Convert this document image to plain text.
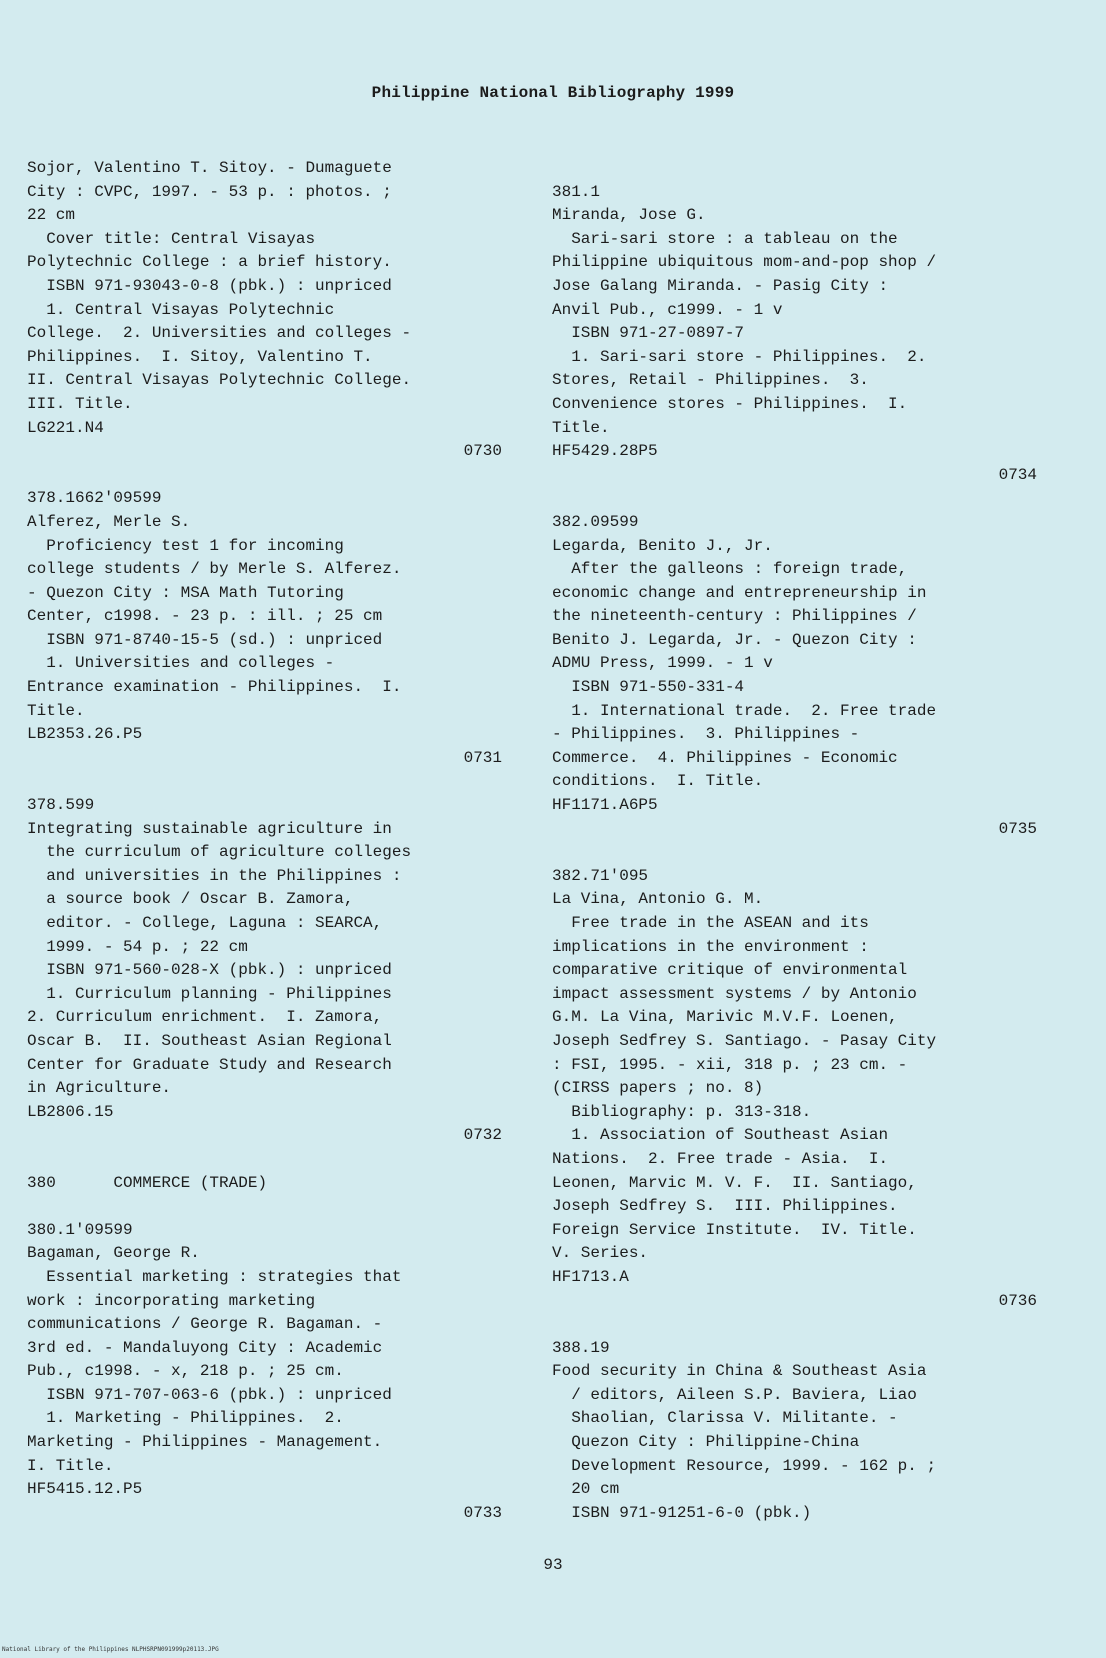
Philippine National Bibliography 1999
Sojor, Valentino T. Sitoy. - Dumaguete
City : CVPC, 1997. - 53 p. : photos. ;
22 cm
Cover title: Central Visayas
Polytechnic College : a brief history.
ISBN 971-93043-0-8 (pbk.) : unpriced
1. Central Visayas Polytechnic
College.  2. Universities and colleges -
Philippines.  I. Sitoy, Valentino T.
II. Central Visayas Polytechnic College.
III. Title.
LG221.N4
0730
378.1662'09599
Alferez, Merle S.
Proficiency test 1 for incoming
college students / by Merle S. Alferez.
- Quezon City : MSA Math Tutoring
Center, c1998. - 23 p. : ill. ; 25 cm
ISBN 971-8740-15-5 (sd.) : unpriced
1. Universities and colleges -
Entrance examination - Philippines.  I.
Title.
LB2353.26.P5
0731
378.599
Integrating sustainable agriculture in
the curriculum of agriculture colleges
and universities in the Philippines :
a source book / Oscar B. Zamora,
editor. - College, Laguna : SEARCA,
1999. - 54 p. ; 22 cm
ISBN 971-560-028-X (pbk.) : unpriced
1. Curriculum planning - Philippines
2. Curriculum enrichment.  I. Zamora,
Oscar B.  II. Southeast Asian Regional
Center for Graduate Study and Research
in Agriculture.
LB2806.15
0732
380      COMMERCE (TRADE)
380.1'09599
Bagaman, George R.
Essential marketing : strategies that
work : incorporating marketing
communications / George R. Bagaman. -
3rd ed. - Mandaluyong City : Academic
Pub., c1998. - x, 218 p. ; 25 cm.
ISBN 971-707-063-6 (pbk.) : unpriced
1. Marketing - Philippines.  2.
Marketing - Philippines - Management.
I. Title.
HF5415.12.P5
0733
381.1
Miranda, Jose G.
Sari-sari store : a tableau on the
Philippine ubiquitous mom-and-pop shop /
Jose Galang Miranda. - Pasig City :
Anvil Pub., c1999. - 1 v
ISBN 971-27-0897-7
1. Sari-sari store - Philippines.  2.
Stores, Retail - Philippines.  3.
Convenience stores - Philippines.  I.
Title.
HF5429.28P5
0734
382.09599
Legarda, Benito J., Jr.
After the galleons : foreign trade,
economic change and entrepreneurship in
the nineteenth-century : Philippines /
Benito J. Legarda, Jr. - Quezon City :
ADMU Press, 1999. - 1 v
ISBN 971-550-331-4
1. International trade.  2. Free trade
- Philippines.  3. Philippines -
Commerce.  4. Philippines - Economic
conditions.  I. Title.
HF1171.A6P5
0735
382.71'095
La Vina, Antonio G. M.
Free trade in the ASEAN and its
implications in the environment :
comparative critique of environmental
impact assessment systems / by Antonio
G.M. La Vina, Marivic M.V.F. Loenen,
Joseph Sedfrey S. Santiago. - Pasay City
: FSI, 1995. - xii, 318 p. ; 23 cm. -
(CIRSS papers ; no. 8)
Bibliography: p. 313-318.
1. Association of Southeast Asian
Nations.  2. Free trade - Asia.  I.
Leonen, Marvic M. V. F.  II. Santiago,
Joseph Sedfrey S.  III. Philippines.
Foreign Service Institute.  IV. Title.
V. Series.
HF1713.A
0736
388.19
Food security in China & Southeast Asia
/ editors, Aileen S.P. Baviera, Liao
Shaolian, Clarissa V. Militante. -
Quezon City : Philippine-China
Development Resource, 1999. - 162 p. ;
20 cm
ISBN 971-91251-6-0 (pbk.)
93
National Library of the Philippines NLPHSRPN091999p20113.JPG
